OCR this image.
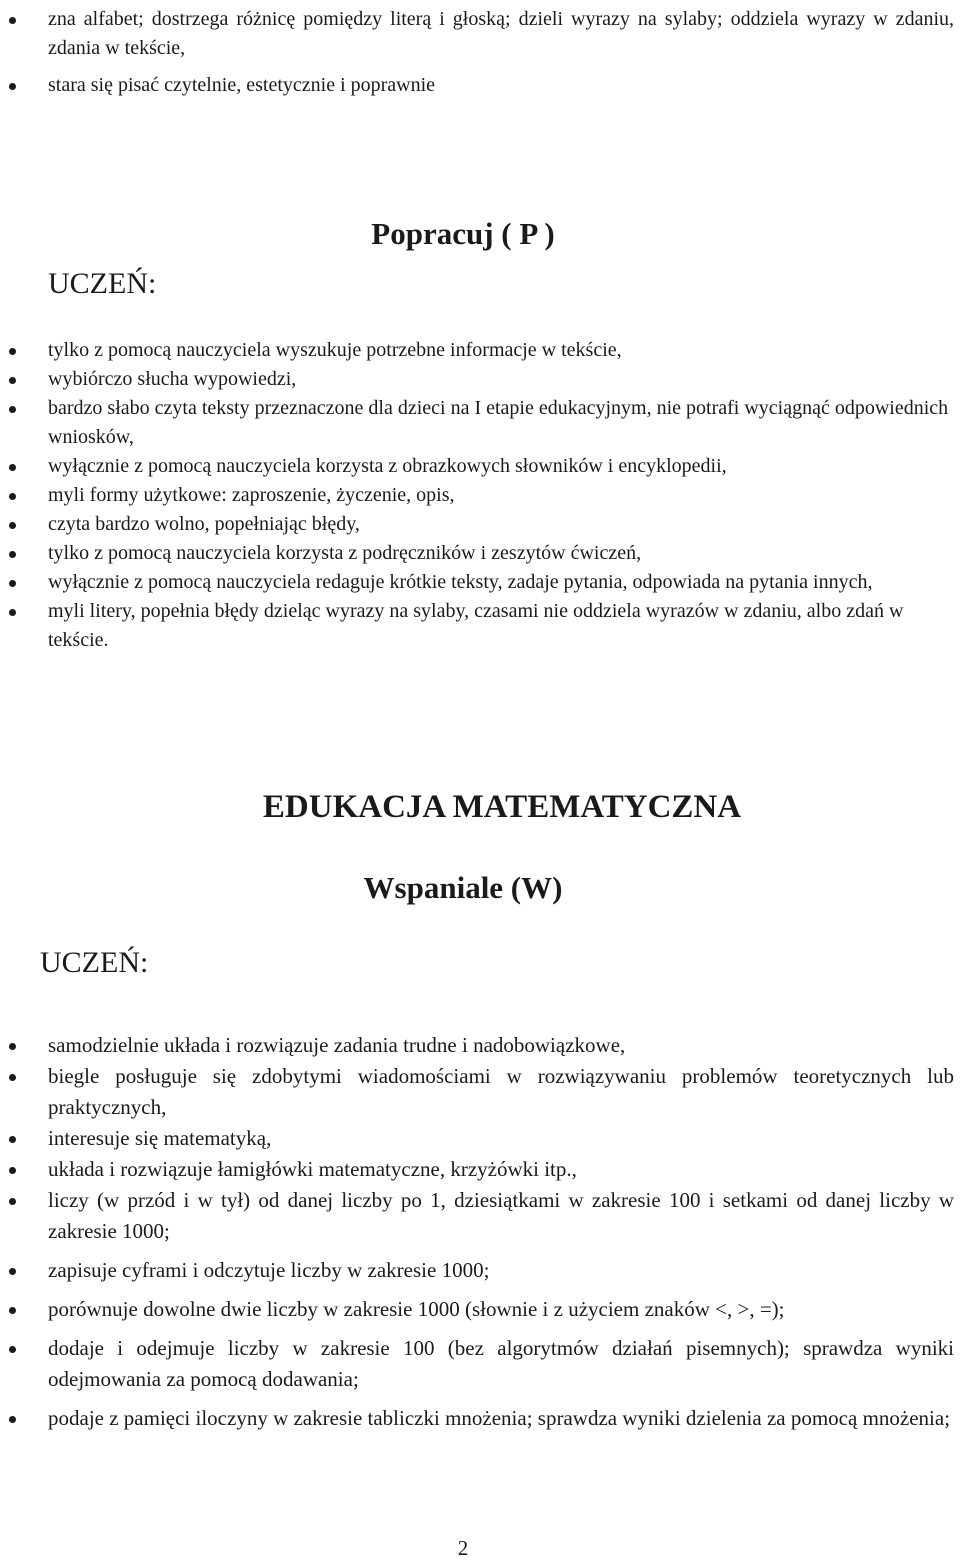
zna alfabet; dostrzega różnicę pomiędzy literą i głoską; dzieli wyrazy na sylaby; oddziela wyrazy w zdaniu, zdania w tekście,
stara się pisać czytelnie, estetycznie i poprawnie
Popracuj ( P )
UCZEŃ:
tylko z pomocą nauczyciela wyszukuje potrzebne informacje w tekście,
wybiórczo słucha wypowiedzi,
bardzo słabo czyta teksty przeznaczone dla dzieci na I etapie edukacyjnym, nie potrafi wyciągnąć odpowiednich wniosków,
wyłącznie z pomocą nauczyciela korzysta z obrazkowych słowników i encyklopedii,
myli formy użytkowe: zaproszenie, życzenie, opis,
czyta bardzo wolno, popełniając błędy,
tylko z pomocą nauczyciela korzysta z podręczników i zeszytów ćwiczeń,
wyłącznie z pomocą nauczyciela redaguje krótkie teksty, zadaje pytania, odpowiada na pytania innych,
myli litery, popełnia błędy dzieląc wyrazy na sylaby, czasami nie oddziela wyrazów w zdaniu, albo zdań w tekście.
EDUKACJA MATEMATYCZNA
Wspaniale (W)
UCZEŃ:
samodzielnie układa i rozwiązuje zadania trudne i nadobowiązkowe,
biegle posługuje się zdobytymi wiadomościami w rozwiązywaniu problemów teoretycznych lub praktycznych,
interesuje się matematyką,
układa i rozwiązuje łamigłówki matematyczne, krzyżówki itp.,
liczy (w przód i w tył) od danej liczby po 1, dziesiątkami w zakresie 100 i setkami od danej liczby w zakresie 1000;
zapisuje cyframi i odczytuje liczby w zakresie 1000;
porównuje dowolne dwie liczby w zakresie 1000 (słownie i z użyciem znaków <, >, =);
dodaje i odejmuje liczby w zakresie 100 (bez algorytmów działań pisemnych); sprawdza wyniki odejmowania za pomocą dodawania;
podaje z pamięci iloczyny w zakresie tabliczki mnożenia; sprawdza wyniki dzielenia za pomocą mnożenia;
2
